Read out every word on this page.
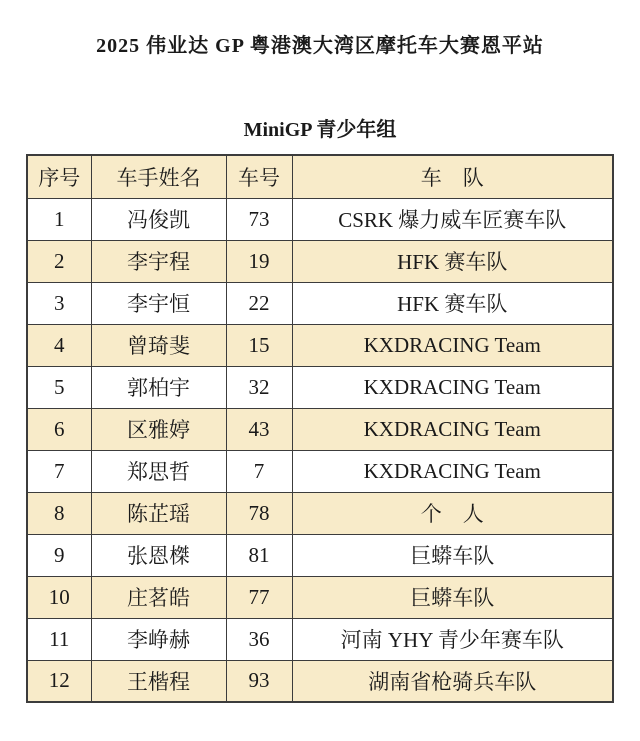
2025 伟业达 GP 粤港澳大湾区摩托车大赛恩平站
MiniGP 青少年组
序号	车手姓名	车号	车　队
1	冯俊凯	73	CSRK 爆力威车匠赛车队
2	李宇程	19	HFK 赛车队
3	李宇恒	22	HFK 赛车队
4	曾琦斐	15	KXDRACING Team
5	郭柏宇	32	KXDRACING Team
6	区雅婷	43	KXDRACING Team
7	郑思哲	7	KXDRACING Team
8	陈芷瑶	78	个　人
9	张恩榤	81	巨蟒车队
10	庄茗皓	77	巨蟒车队
11	李峥赫	36	河南 YHY 青少年赛车队
12	王楷程	93	湖南省枪骑兵车队
